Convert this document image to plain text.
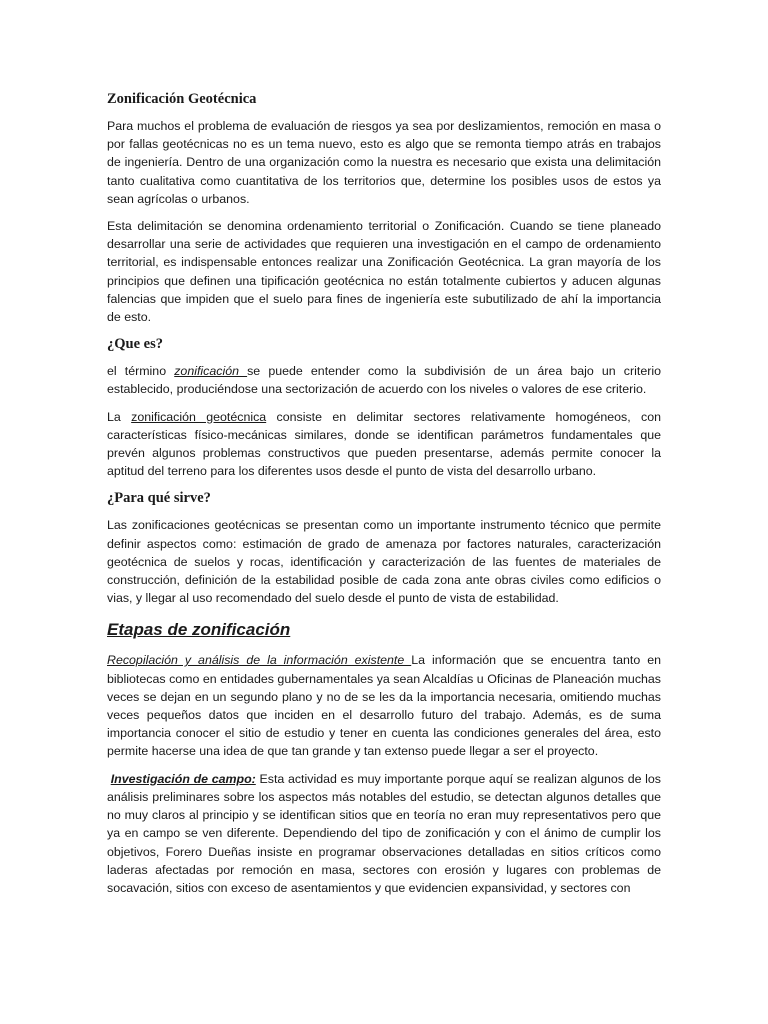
Zonificación Geotécnica

Para muchos el problema de evaluación de riesgos ya sea por deslizamientos, remoción en masa o por fallas geotécnicas no es un tema nuevo, esto es algo que se remonta tiempo atrás en trabajos de ingeniería. Dentro de una organización como la nuestra es necesario que exista una delimitación tanto cualitativa como cuantitativa de los territorios que, determine los posibles usos de estos ya sean agrícolas o urbanos.

Esta delimitación se denomina ordenamiento territorial o Zonificación. Cuando se tiene planeado desarrollar una serie de actividades que requieren una investigación en el campo de ordenamiento territorial, es indispensable entonces realizar una Zonificación Geotécnica. La gran mayoría de los principios que definen una tipificación geotécnica no están totalmente cubiertos y aducen algunas falencias que impiden que el suelo para fines de ingeniería este subutilizado de ahí la importancia de esto.

¿Que es?

el término zonificación se puede entender como la subdivisión de un área bajo un criterio establecido, produciéndose una sectorización de acuerdo con los niveles o valores de ese criterio.

La zonificación geotécnica consiste en delimitar sectores relativamente homogéneos, con características físico-mecánicas similares, donde se identifican parámetros fundamentales que prevén algunos problemas constructivos que pueden presentarse, además permite conocer la aptitud del terreno para los diferentes usos desde el punto de vista del desarrollo urbano.

¿Para qué sirve?

Las zonificaciones geotécnicas se presentan como un importante instrumento técnico que permite definir aspectos como: estimación de grado de amenaza por factores naturales, caracterización geotécnica de suelos y rocas, identificación y caracterización de las fuentes de materiales de construcción, definición de la estabilidad posible de cada zona ante obras civiles como edificios o vias, y llegar al uso recomendado del suelo desde el punto de vista de estabilidad.

Etapas de zonificación

Recopilación y análisis de la información existente La información que se encuentra tanto en bibliotecas como en entidades gubernamentales ya sean Alcaldías u Oficinas de Planeación muchas veces se dejan en un segundo plano y no de se les da la importancia necesaria, omitiendo muchas veces pequeños datos que inciden en el desarrollo futuro del trabajo. Además, es de suma importancia conocer el sitio de estudio y tener en cuenta las condiciones generales del área, esto permite hacerse una idea de que tan grande y tan extenso puede llegar a ser el proyecto.

Investigación de campo: Esta actividad es muy importante porque aquí se realizan algunos de los análisis preliminares sobre los aspectos más notables del estudio, se detectan algunos detalles que no muy claros al principio y se identifican sitios que en teoría no eran muy representativos pero que ya en campo se ven diferente. Dependiendo del tipo de zonificación y con el ánimo de cumplir los objetivos, Forero Dueñas insiste en programar observaciones detalladas en sitios críticos como laderas afectadas por remoción en masa, sectores con erosión y lugares con problemas de socavación, sitios con exceso de asentamientos y que evidencien expansividad, y sectores con
